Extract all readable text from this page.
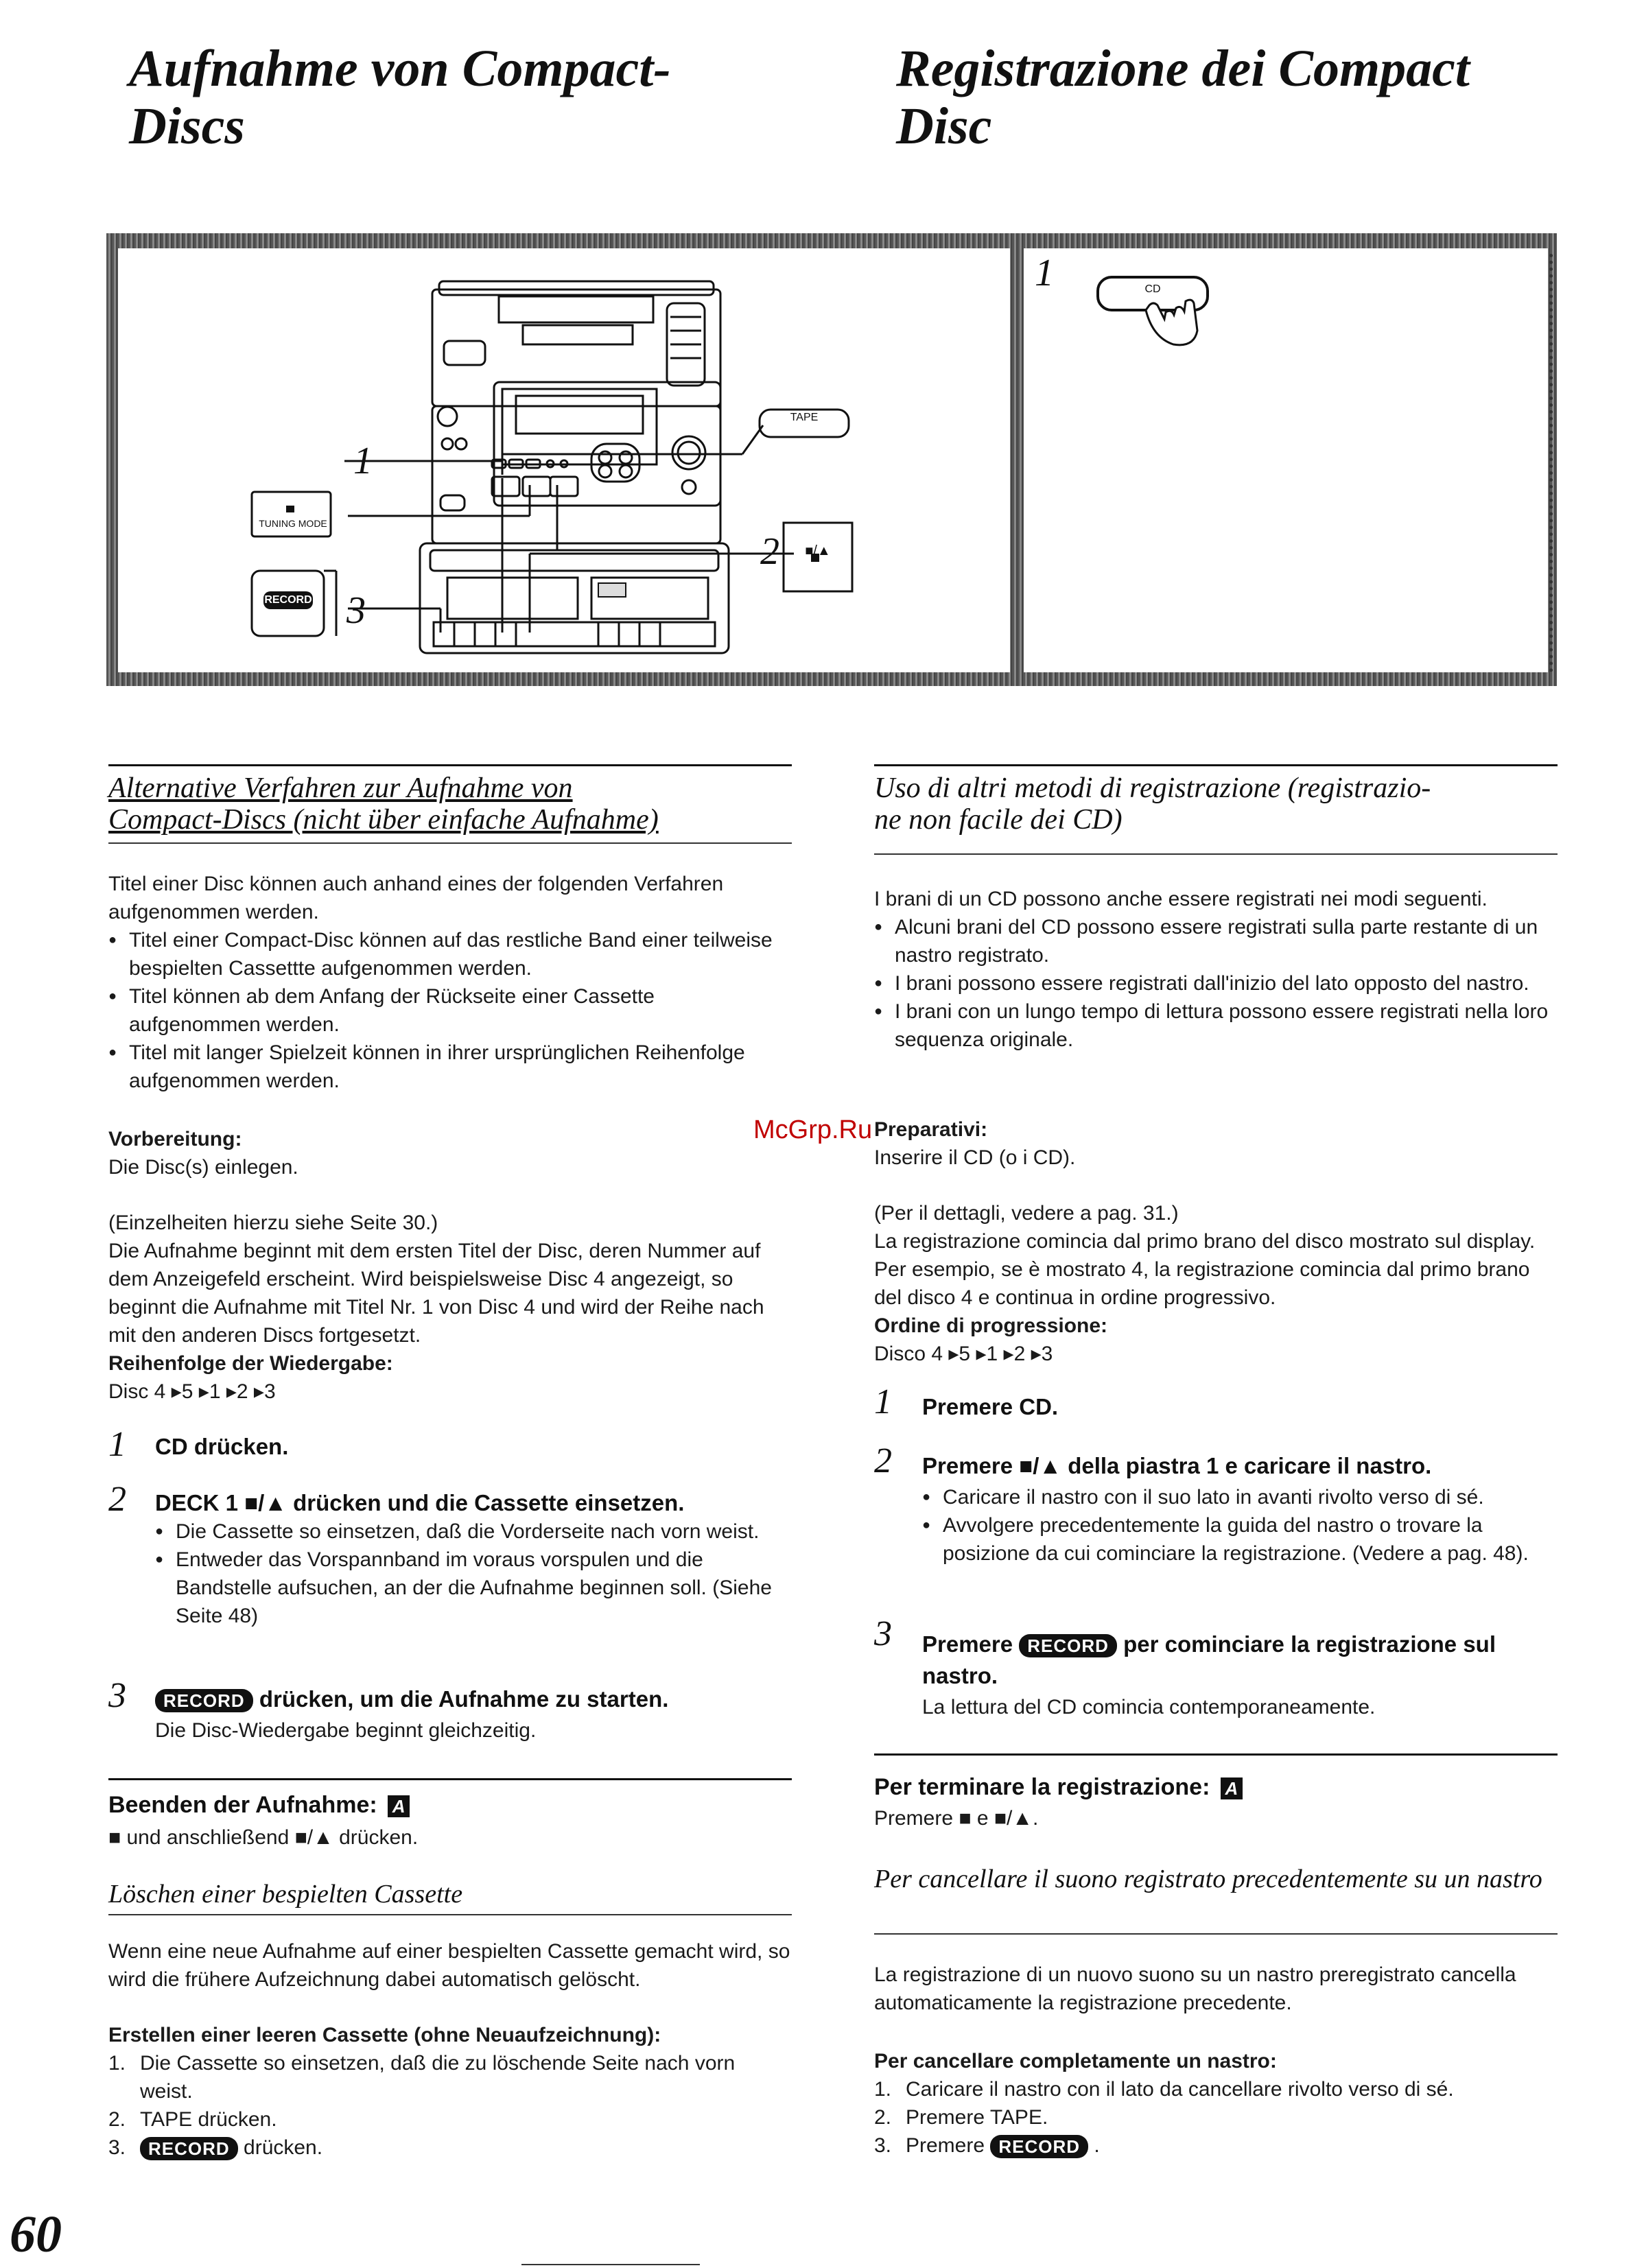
Aufnahme von Compact-
Discs
Registrazione dei Compact
Disc
1
2
3
TUNING MODE
RECORD
TAPE
■/▲
1	CD
Alternative Verfahren zur Aufnahme von
Compact-Discs (nicht über einfache Aufnahme)
Titel einer Disc können auch anhand eines der folgenden Verfahren aufgenommen werden.
● Titel einer Compact-Disc können auf das restliche Band einer teilweise bespielten Cassettte aufgenommen werden.
● Titel können ab dem Anfang der Rückseite einer Cassette aufgenommen werden.
● Titel mit langer Spielzeit können in ihrer ursprünglichen Reihenfolge aufgenommen werden.
Vorbereitung:
Die Disc(s) einlegen.
(Einzelheiten hierzu siehe Seite 30.)
Die Aufnahme beginnt mit dem ersten Titel der Disc, deren Nummer auf dem Anzeigefeld erscheint. Wird beispielsweise Disc 4 angezeigt, so beginnt die Aufnahme mit Titel Nr. 1 von Disc 4 und wird der Reihe nach mit den anderen Discs fortgesetzt.
Reihenfolge der Wiedergabe:
Disc 4 ▸5 ▸1 ▸2 ▸3
1 CD drücken.
2 DECK 1 ■/▲ drücken und die Cassette einsetzen.
● Die Cassette so einsetzen, daß die Vorderseite nach vorn weist.
● Entweder das Vorspannband im voraus vorspulen und die Bandstelle aufsuchen, an der die Aufnahme beginnen soll. (Siehe Seite 48)
3	RECORD drücken, um die Aufnahme zu starten.
Die Disc-Wiedergabe beginnt gleichzeitig.
Beenden der Aufnahme: A
■ und anschließend ■/▲ drücken.
Löschen einer bespielten Cassette
Wenn eine neue Aufnahme auf einer bespielten Cassette gemacht wird, so wird die frühere Aufzeichnung dabei automatisch gelöscht.
Erstellen einer leeren Cassette (ohne Neuaufzeichnung):
1. Die Cassette so einsetzen, daß die zu löschende Seite nach vorn weist.
2. TAPE drücken.
3. RECORD drücken.
Uso di altri metodi di registrazione (registrazio-
ne non facile dei CD)
I brani di un CD possono anche essere registrati nei modi seguenti.
● Alcuni brani del CD possono essere registrati sulla parte restante di un nastro registrato.
● I brani possono essere registrati dall'inizio del lato opposto del nastro.
● I brani con un lungo tempo di lettura possono essere registrati nella loro sequenza originale.
McGrp.Ru Preparativi:
Inserire il CD (o i CD).
(Per il dettagli, vedere a pag. 31.)
La registrazione comincia dal primo brano del disco mostrato sul display. Per esempio, se è mostrato 4, la registrazione comincia dal primo brano del disco 4 e continua in ordine progressivo.
Ordine di progressione:
Disco 4 ▸5 ▸1 ▸2 ▸3
1 Premere CD.
2 Premere ■/▲ della piastra 1 e caricare il nastro.
● Caricare il nastro con il suo lato in avanti rivolto verso di sé.
● Avvolgere precedentemente la guida del nastro o trovare la posizione da cui cominciare la registrazione. (Vedere a pag. 48).
3 Premere RECORD per cominciare la registrazione sul nastro.
La lettura del CD comincia contemporaneamente.
Per terminare la registrazione: A
Premere ■ e ■/▲.
Per cancellare il suono registrato precedentemente su un nastro
La registrazione di un nuovo suono su un nastro preregistrato cancella automaticamente la registrazione precedente.
Per cancellare completamente un nastro:
1. Caricare il nastro con il lato da cancellare rivolto verso di sé.
2. Premere TAPE.
3. Premere RECORD .
60
